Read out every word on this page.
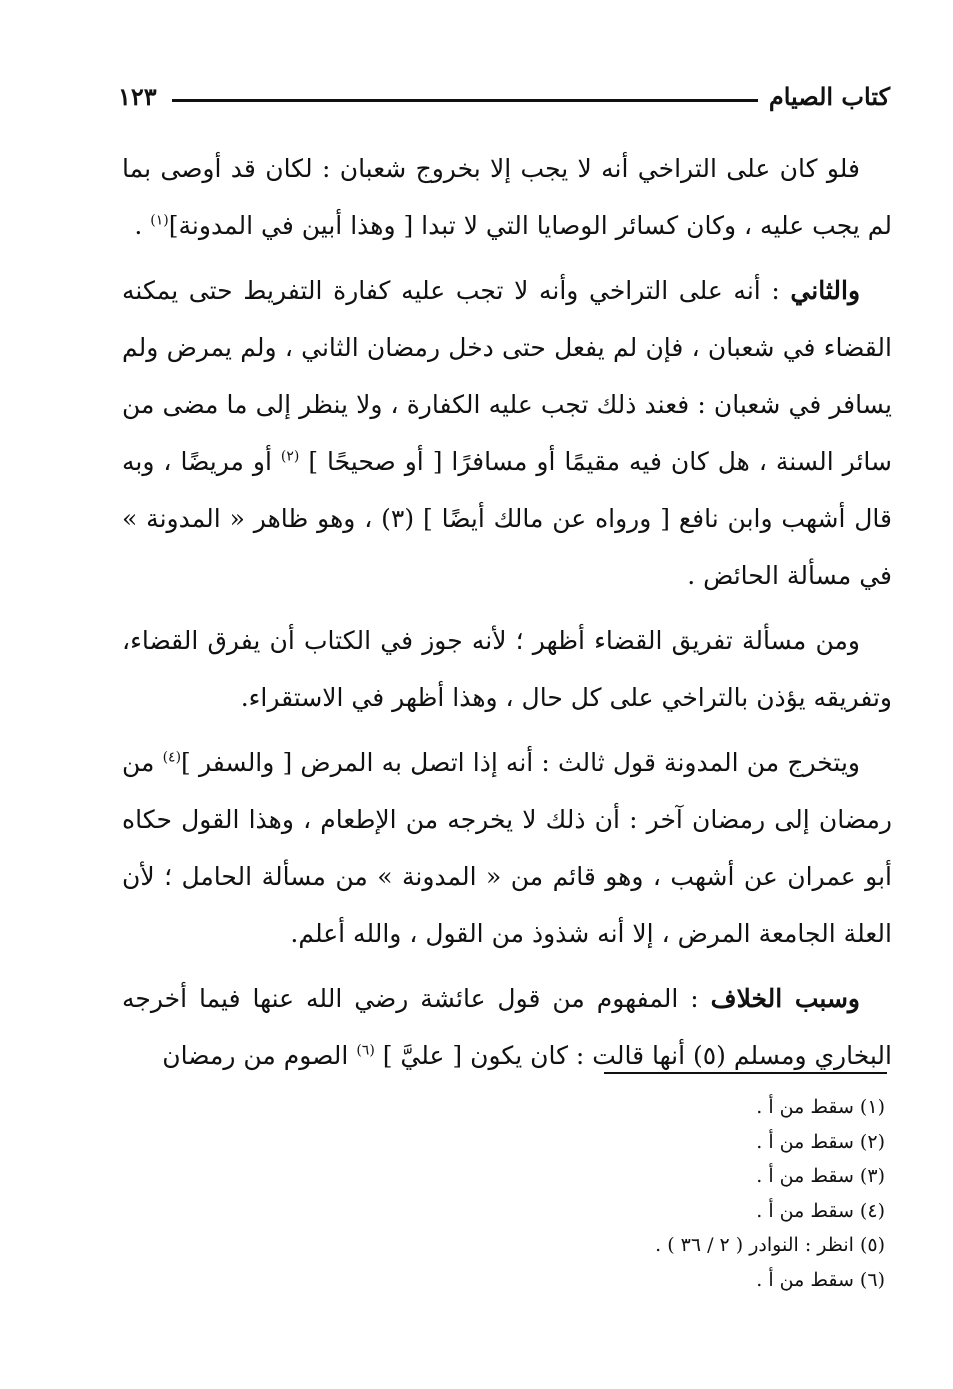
كتاب الصيام
١٢٣

فلو كان على التراخي أنه لا يجب إلا بخروج شعبان : لكان قد أوصى بما لم يجب عليه ، وكان كسائر الوصايا التي لا تبدا [ وهذا أبين في المدونة]$^{(١)}$ .

والثاني : أنه على التراخي وأنه لا تجب عليه كفارة التفريط حتى يمكنه القضاء في شعبان ، فإن لم يفعل حتى دخل رمضان الثاني ، ولم يمرض ولم يسافر في شعبان : فعند ذلك تجب عليه الكفارة ، ولا ينظر إلى ما مضى من سائر السنة ، هل كان فيه مقيمًا أو مسافرًا [ أو صحيحًا ] $^{(٢)}$ أو مريضًا ، وبه قال أشهب وابن نافع [ ورواه عن مالك أيضًا ] (٣) ، وهو ظاهر « المدونة » في مسألة الحائض .

ومن مسألة تفريق القضاء أظهر ؛ لأنه جوز في الكتاب أن يفرق القضاء، وتفريقه يؤذن بالتراخي على كل حال ، وهذا أظهر في الاستقراء.

ويتخرج من المدونة قول ثالث : أنه إذا اتصل به المرض [ والسفر ]$^{(٤)}$ من رمضان إلى رمضان آخر : أن ذلك لا يخرجه من الإطعام ، وهذا القول حكاه أبو عمران عن أشهب ، وهو قائم من « المدونة » من مسألة الحامل ؛ لأن العلة الجامعة المرض ، إلا أنه شذوذ من القول ، والله أعلم.

وسبب الخلاف : المفهوم من قول عائشة رضي الله عنها فيما أخرجه البخاري ومسلم (٥) أنها قالت : كان يكون [ عليَّ ] $^{(٦)}$ الصوم من رمضان

(١) سقط من أ .
(٢) سقط من أ .
(٣) سقط من أ .
(٤) سقط من أ .
(٥) انظر : النوادر ( ٢ / ٣٦ ) .
(٦) سقط من أ .
